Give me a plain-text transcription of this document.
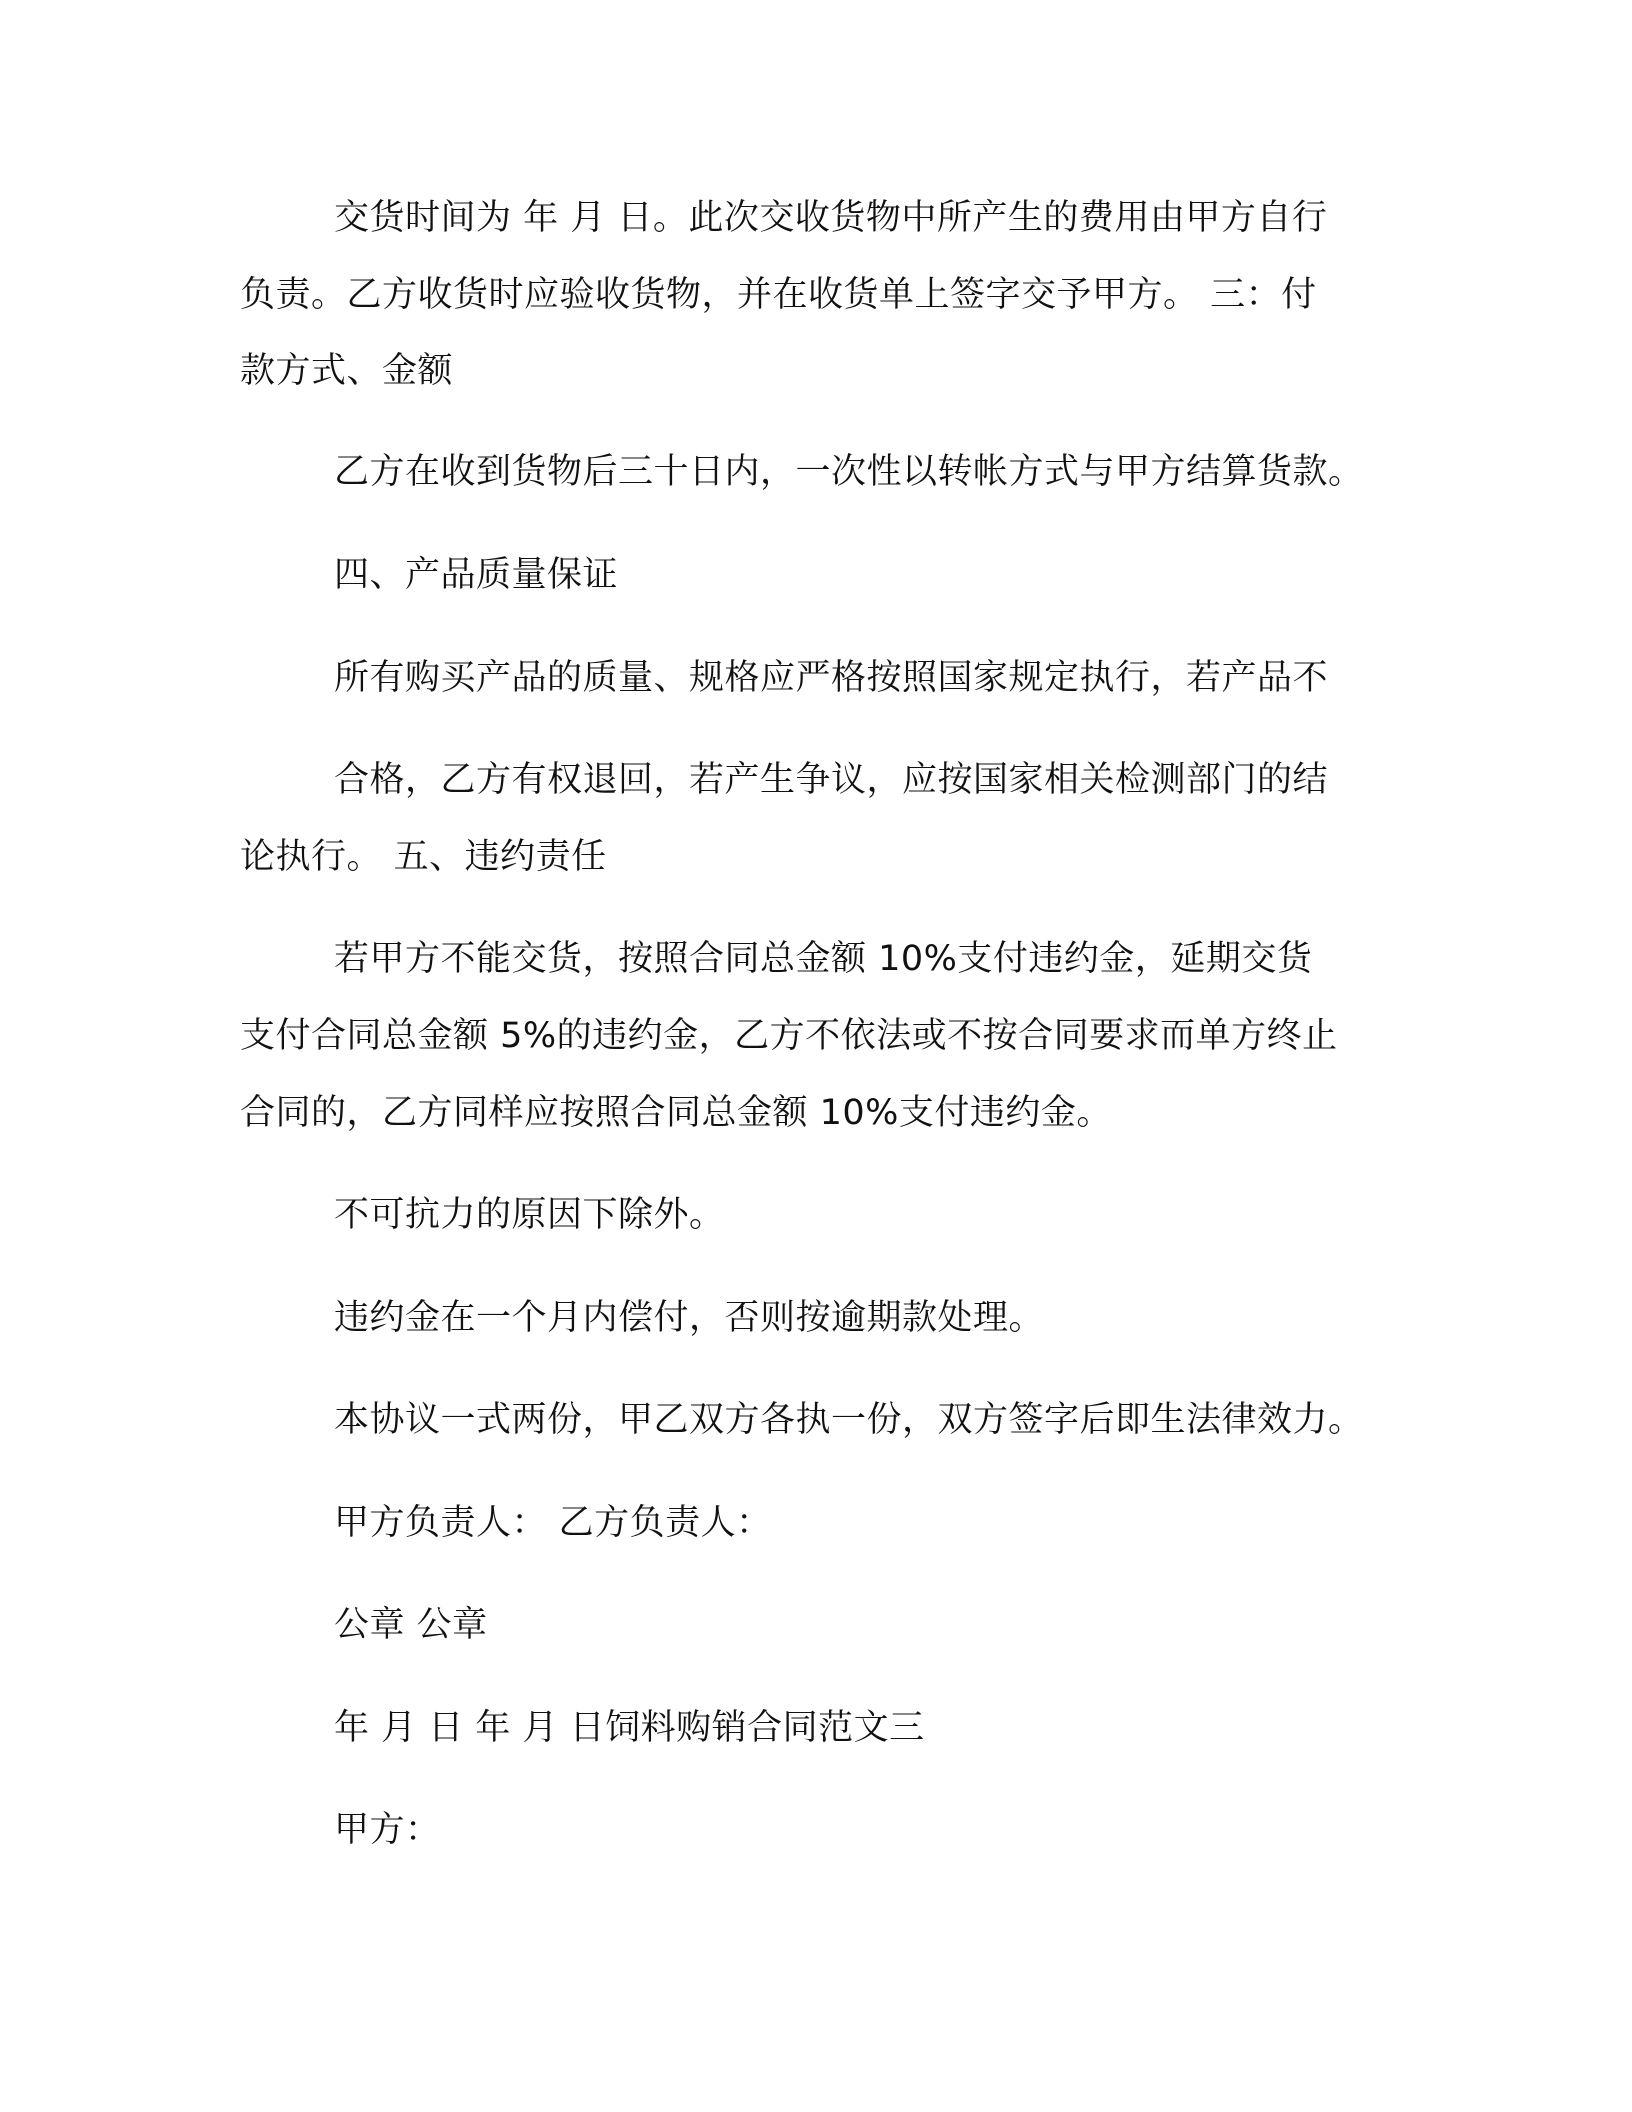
交货时间为 年 月 日。此次交收货物中所产生的费用由甲方自行
负责。乙方收货时应验收货物，并在收货单上签字交予甲方。 三：付
款方式、金额
乙方在收到货物后三十日内，一次性以转帐方式与甲方结算货款。
四、产品质量保证
所有购买产品的质量、规格应严格按照国家规定执行，若产品不
合格，乙方有权退回，若产生争议，应按国家相关检测部门的结
论执行。 五、违约责任
若甲方不能交货，按照合同总金额 10%支付违约金，延期交货
支付合同总金额 5%的违约金，乙方不依法或不按合同要求而单方终止
合同的，乙方同样应按照合同总金额 10%支付违约金。
不可抗力的原因下除外。
违约金在一个月内偿付，否则按逾期款处理。
本协议一式两份，甲乙双方各执一份，双方签字后即生法律效力。
甲方负责人： 乙方负责人：
公章 公章
年 月 日 年 月 日饲料购销合同范文三
甲方：
